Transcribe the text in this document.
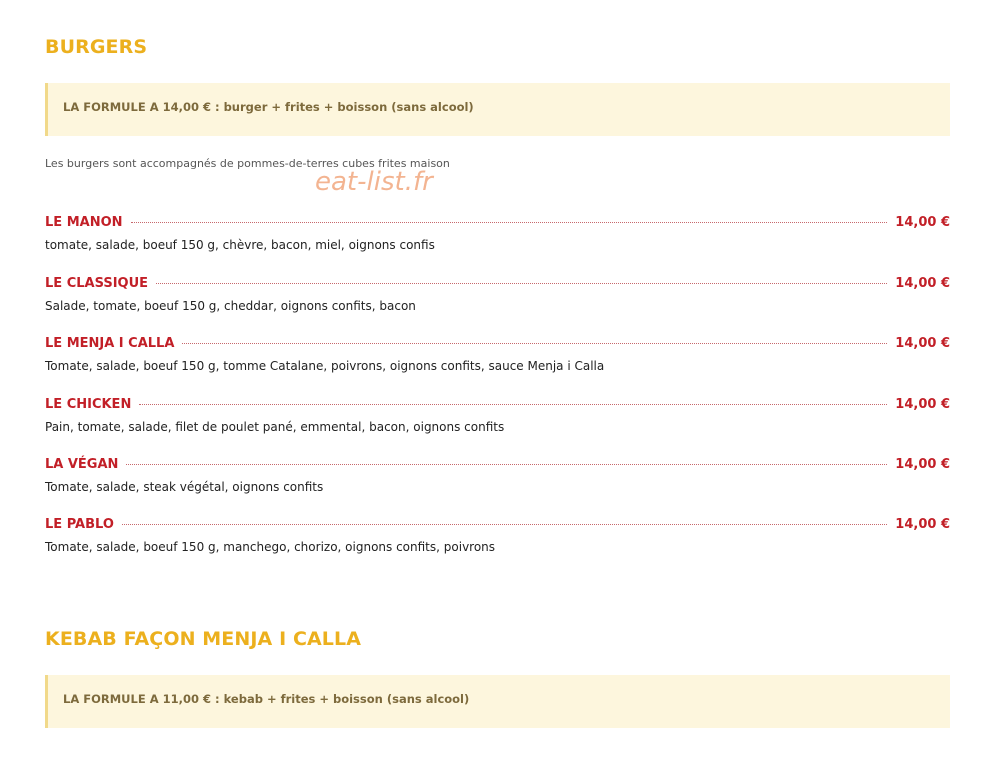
BURGERS
LA FORMULE A 14,00 € : burger + frites + boisson (sans alcool)
Les burgers sont accompagnés de pommes-de-terres cubes frites maison
eat-list.fr
LE MANON	14,00 €
tomate, salade, boeuf 150 g, chèvre, bacon, miel, oignons confis
LE CLASSIQUE	14,00 €
Salade, tomate, boeuf 150 g, cheddar, oignons confits, bacon
LE MENJA I CALLA	14,00 €
Tomate, salade, boeuf 150 g, tomme Catalane, poivrons, oignons confits, sauce Menja i Calla
LE CHICKEN	14,00 €
Pain, tomate, salade, filet de poulet pané, emmental, bacon, oignons confits
LA VÉGAN	14,00 €
Tomate, salade, steak végétal, oignons confits
LE PABLO	14,00 €
Tomate, salade, boeuf 150 g, manchego, chorizo, oignons confits, poivrons
KEBAB FAÇON MENJA I CALLA
LA FORMULE A 11,00 € : kebab + frites + boisson (sans alcool)
